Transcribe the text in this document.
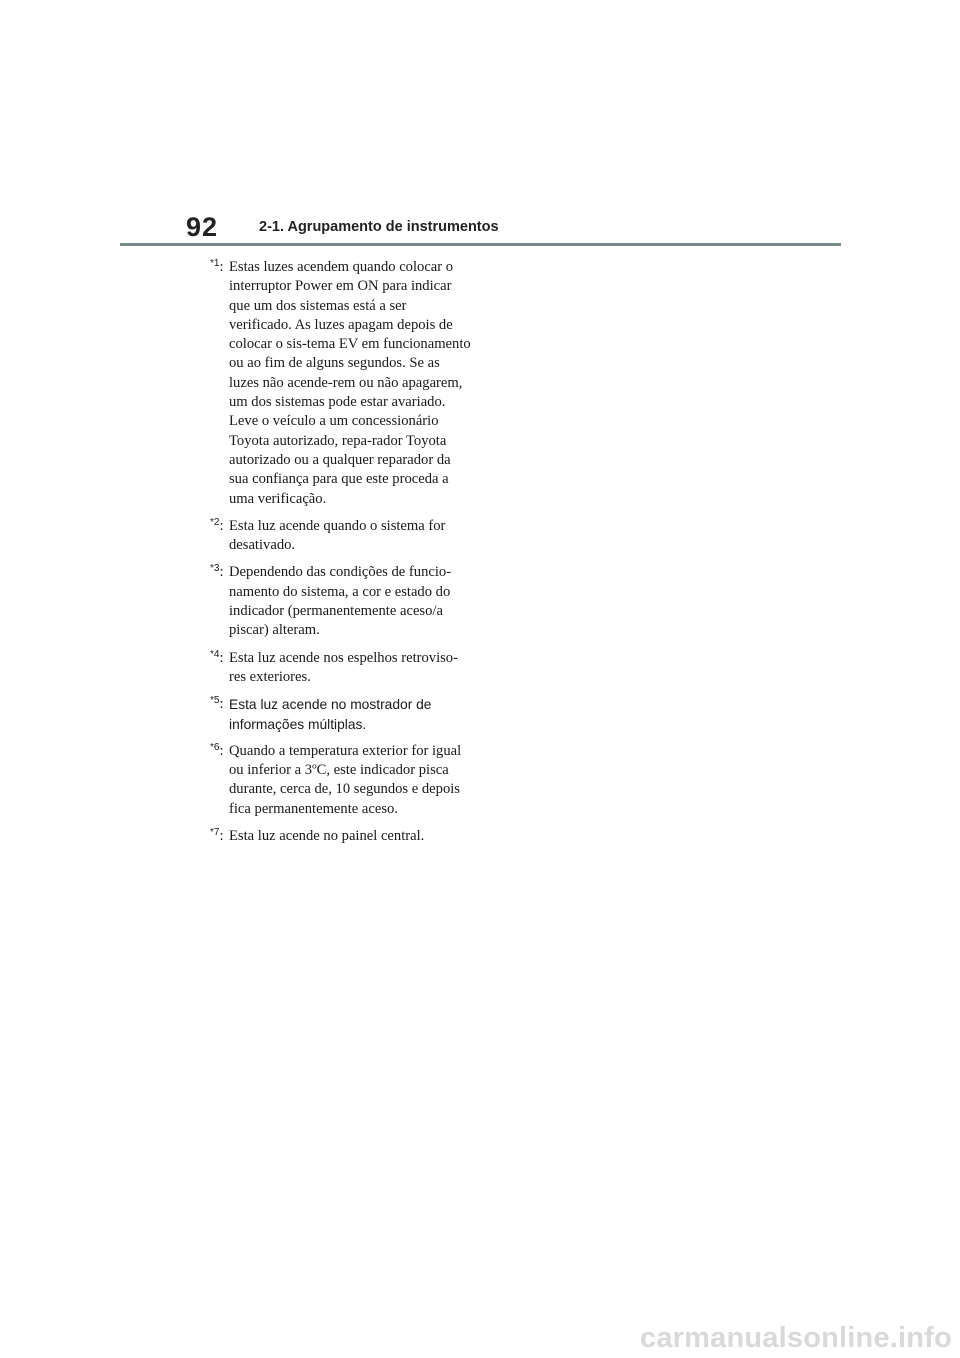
92	2-1. Agrupamento de instrumentos
$^{*1}$: Estas luzes acendem quando colocar o interruptor Power em ON para indicar que um dos sistemas está a ser verificado. As luzes apagam depois de colocar o sis-tema EV em funcionamento ou ao fim de alguns segundos. Se as luzes não acende-rem ou não apagarem, um dos sistemas pode estar avariado. Leve o veículo a um concessionário Toyota autorizado, repa-rador Toyota autorizado ou a qualquer reparador da sua confiança para que este proceda a uma verificação.
$^{*2}$: Esta luz acende quando o sistema for desativado.
$^{*3}$: Dependendo das condições de funcio-namento do sistema, a cor e estado do indicador (permanentemente aceso/a piscar) alteram.
$^{*4}$: Esta luz acende nos espelhos retroviso-res exteriores.
$^{*5}$: Esta luz acende no mostrador de informações múltiplas.
$^{*6}$: Quando a temperatura exterior for igual ou inferior a 3ºC, este indicador pisca durante, cerca de, 10 segundos e depois fica permanentemente aceso.
$^{*7}$: Esta luz acende no painel central.
carmanualsonline.info
